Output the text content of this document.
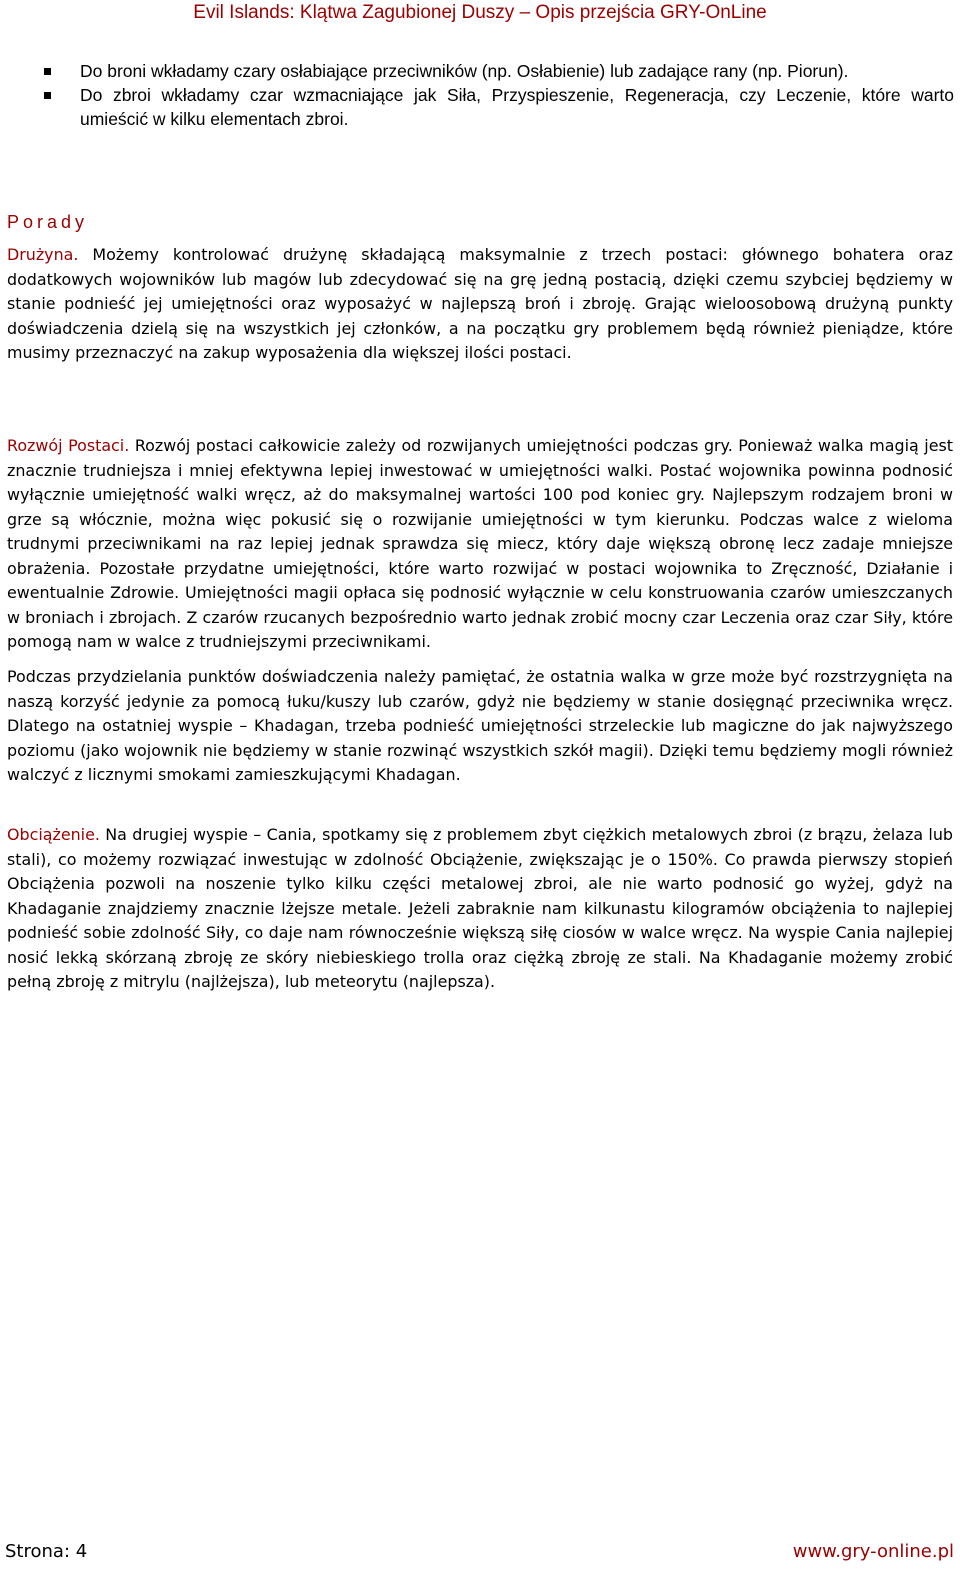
Evil Islands: Klątwa Zagubionej Duszy – Opis przejścia GRY-OnLine
Do broni wkładamy czary osłabiające przeciwników (np. Osłabienie) lub zadające rany (np. Piorun).
Do zbroi wkładamy czar wzmacniające jak Siła, Przyspieszenie, Regeneracja, czy Leczenie, które warto umieścić w kilku elementach zbroi.
Porady

Drużyna. Możemy kontrolować drużynę składającą maksymalnie z trzech postaci: głównego bohatera oraz dodatkowych wojowników lub magów lub zdecydować się na grę jedną postacią, dzięki czemu szybciej będziemy w stanie podnieść jej umiejętności oraz wyposażyć w najlepszą broń i zbroję. Grając wieloosobową drużyną punkty doświadczenia dzielą się na wszystkich jej członków, a na początku gry problemem będą również pieniądze, które musimy przeznaczyć na zakup wyposażenia dla większej ilości postaci.

Rozwój Postaci. Rozwój postaci całkowicie zależy od rozwijanych umiejętności podczas gry. Ponieważ walka magią jest znacznie trudniejsza i mniej efektywna lepiej inwestować w umiejętności walki. Postać wojownika powinna podnosić wyłącznie umiejętność walki wręcz, aż do maksymalnej wartości 100 pod koniec gry. Najlepszym rodzajem broni w grze są włócznie, można więc pokusić się o rozwijanie umiejętności w tym kierunku. Podczas walce z wieloma trudnymi przeciwnikami na raz lepiej jednak sprawdza się miecz, który daje większą obronę lecz zadaje mniejsze obrażenia. Pozostałe przydatne umiejętności, które warto rozwijać w postaci wojownika to Zręczność, Działanie i ewentualnie Zdrowie. Umiejętności magii opłaca się podnosić wyłącznie w celu konstruowania czarów umieszczanych w broniach i zbrojach. Z czarów rzucanych bezpośrednio warto jednak zrobić mocny czar Leczenia oraz czar Siły, które pomogą nam w walce z trudniejszymi przeciwnikami.

Podczas przydzielania punktów doświadczenia należy pamiętać, że ostatnia walka w grze może być rozstrzygnięta na naszą korzyść jedynie za pomocą łuku/kuszy lub czarów, gdyż nie będziemy w stanie dosięgnąć przeciwnika wręcz. Dlatego na ostatniej wyspie – Khadagan, trzeba podnieść umiejętności strzeleckie lub magiczne do jak najwyższego poziomu (jako wojownik nie będziemy w stanie rozwinąć wszystkich szkół magii). Dzięki temu będziemy mogli również walczyć z licznymi smokami zamieszkującymi Khadagan.

Obciążenie. Na drugiej wyspie – Cania, spotkamy się z problemem zbyt ciężkich metalowych zbroi (z brązu, żelaza lub stali), co możemy rozwiązać inwestując w zdolność Obciążenie, zwiększając je o 150%. Co prawda pierwszy stopień Obciążenia pozwoli na noszenie tylko kilku części metalowej zbroi, ale nie warto podnosić go wyżej, gdyż na Khadaganie znajdziemy znacznie lżejsze metale. Jeżeli zabraknie nam kilkunastu kilogramów obciążenia to najlepiej podnieść sobie zdolność Siły, co daje nam równocześnie większą siłę ciosów w walce wręcz. Na wyspie Cania najlepiej nosić lekką skórzaną zbroję ze skóry niebieskiego trolla oraz ciężką zbroję ze stali. Na Khadaganie możemy zrobić pełną zbroję z mitrylu (najlżejsza), lub meteorytu (najlepsza).

Strona: 4	www.gry-online.pl
